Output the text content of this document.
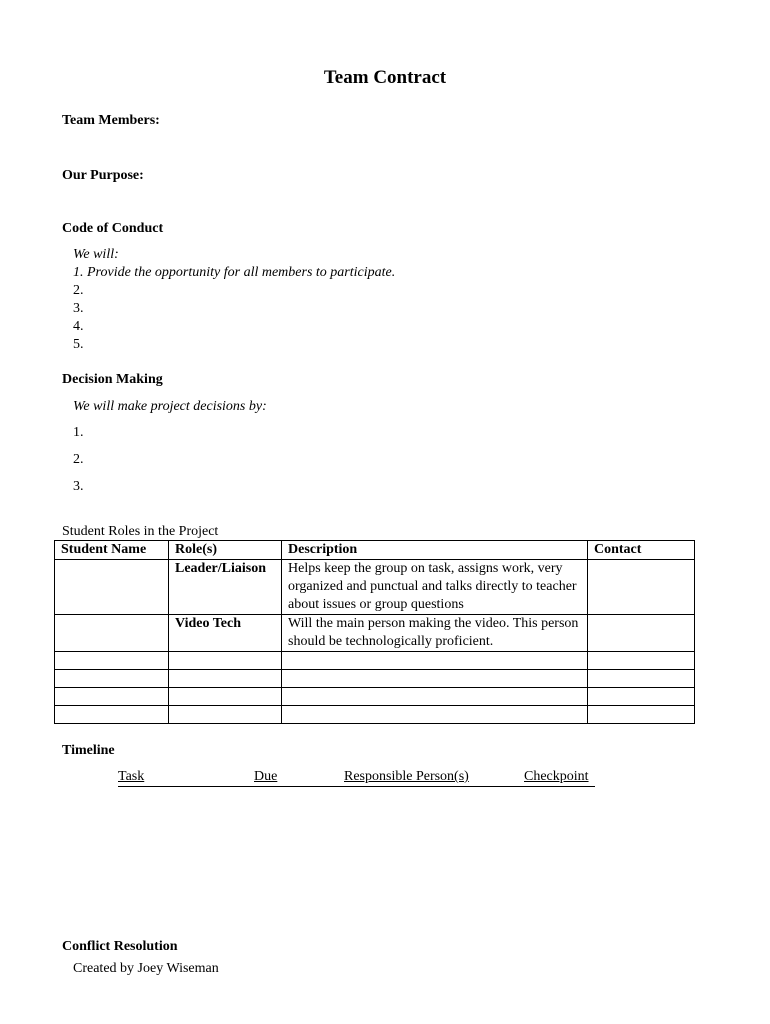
Team Contract
Team Members:
Our Purpose:
Code of Conduct
We will:
1. Provide the opportunity for all members to participate.
2.
3.
4.
5.
Decision Making
We will make project decisions by:
1.
2.
3.
Student Roles in the Project
Student Name	Role(s)	Description	Contact
	Leader/Liaison	Helps keep the group on task, assigns work, very organized and punctual and talks directly to teacher about issues or group questions	
	Video Tech	Will the main person making the video. This person should be technologically proficient.	

Timeline
Task	Due	Responsible Person(s)	Checkpoint
Conflict Resolution
Created by Joey Wiseman
